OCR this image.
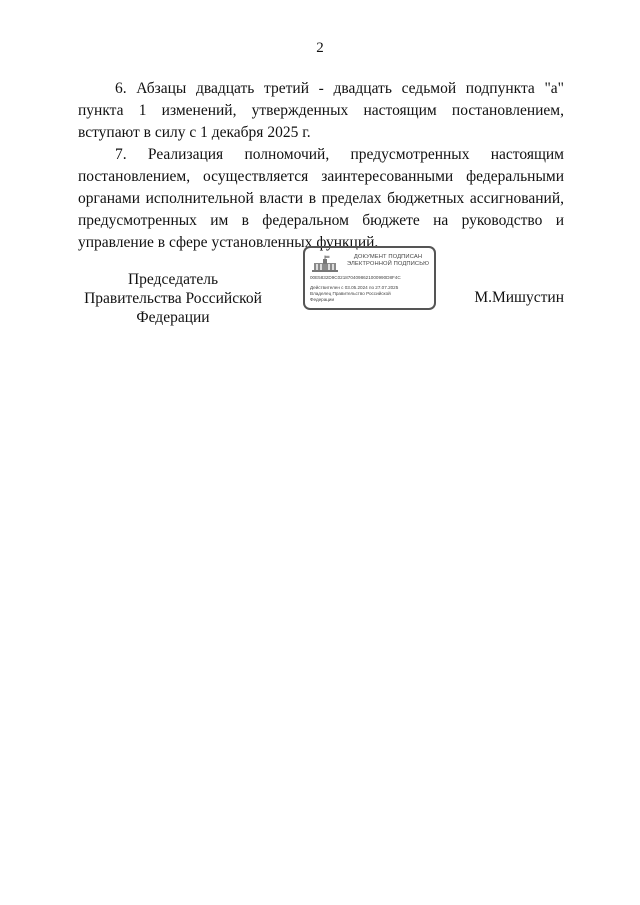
2

6. Абзацы двадцать третий - двадцать седьмой подпункта "а" пункта 1 изменений, утвержденных настоящим постановлением, вступают в силу с 1 декабря 2025 г.

7. Реализация полномочий, предусмотренных настоящим постановлением, осуществляется заинтересованными федеральными органами исполнительной власти в пределах бюджетных ассигнований, предусмотренных им в федеральном бюджете на руководство и управление в сфере установленных функций.

Председатель Правительства Российской Федерации
ДОКУМЕНТ ПОДПИСАН ЭЛЕКТРОННОЙ ПОДПИСЬЮ
00E5832D9C0218704098621000990D8F4C
Действителен с 03.05.2024 по 27.07.2025
Владелец Правительство Российской Федерации	М.Мишустин
